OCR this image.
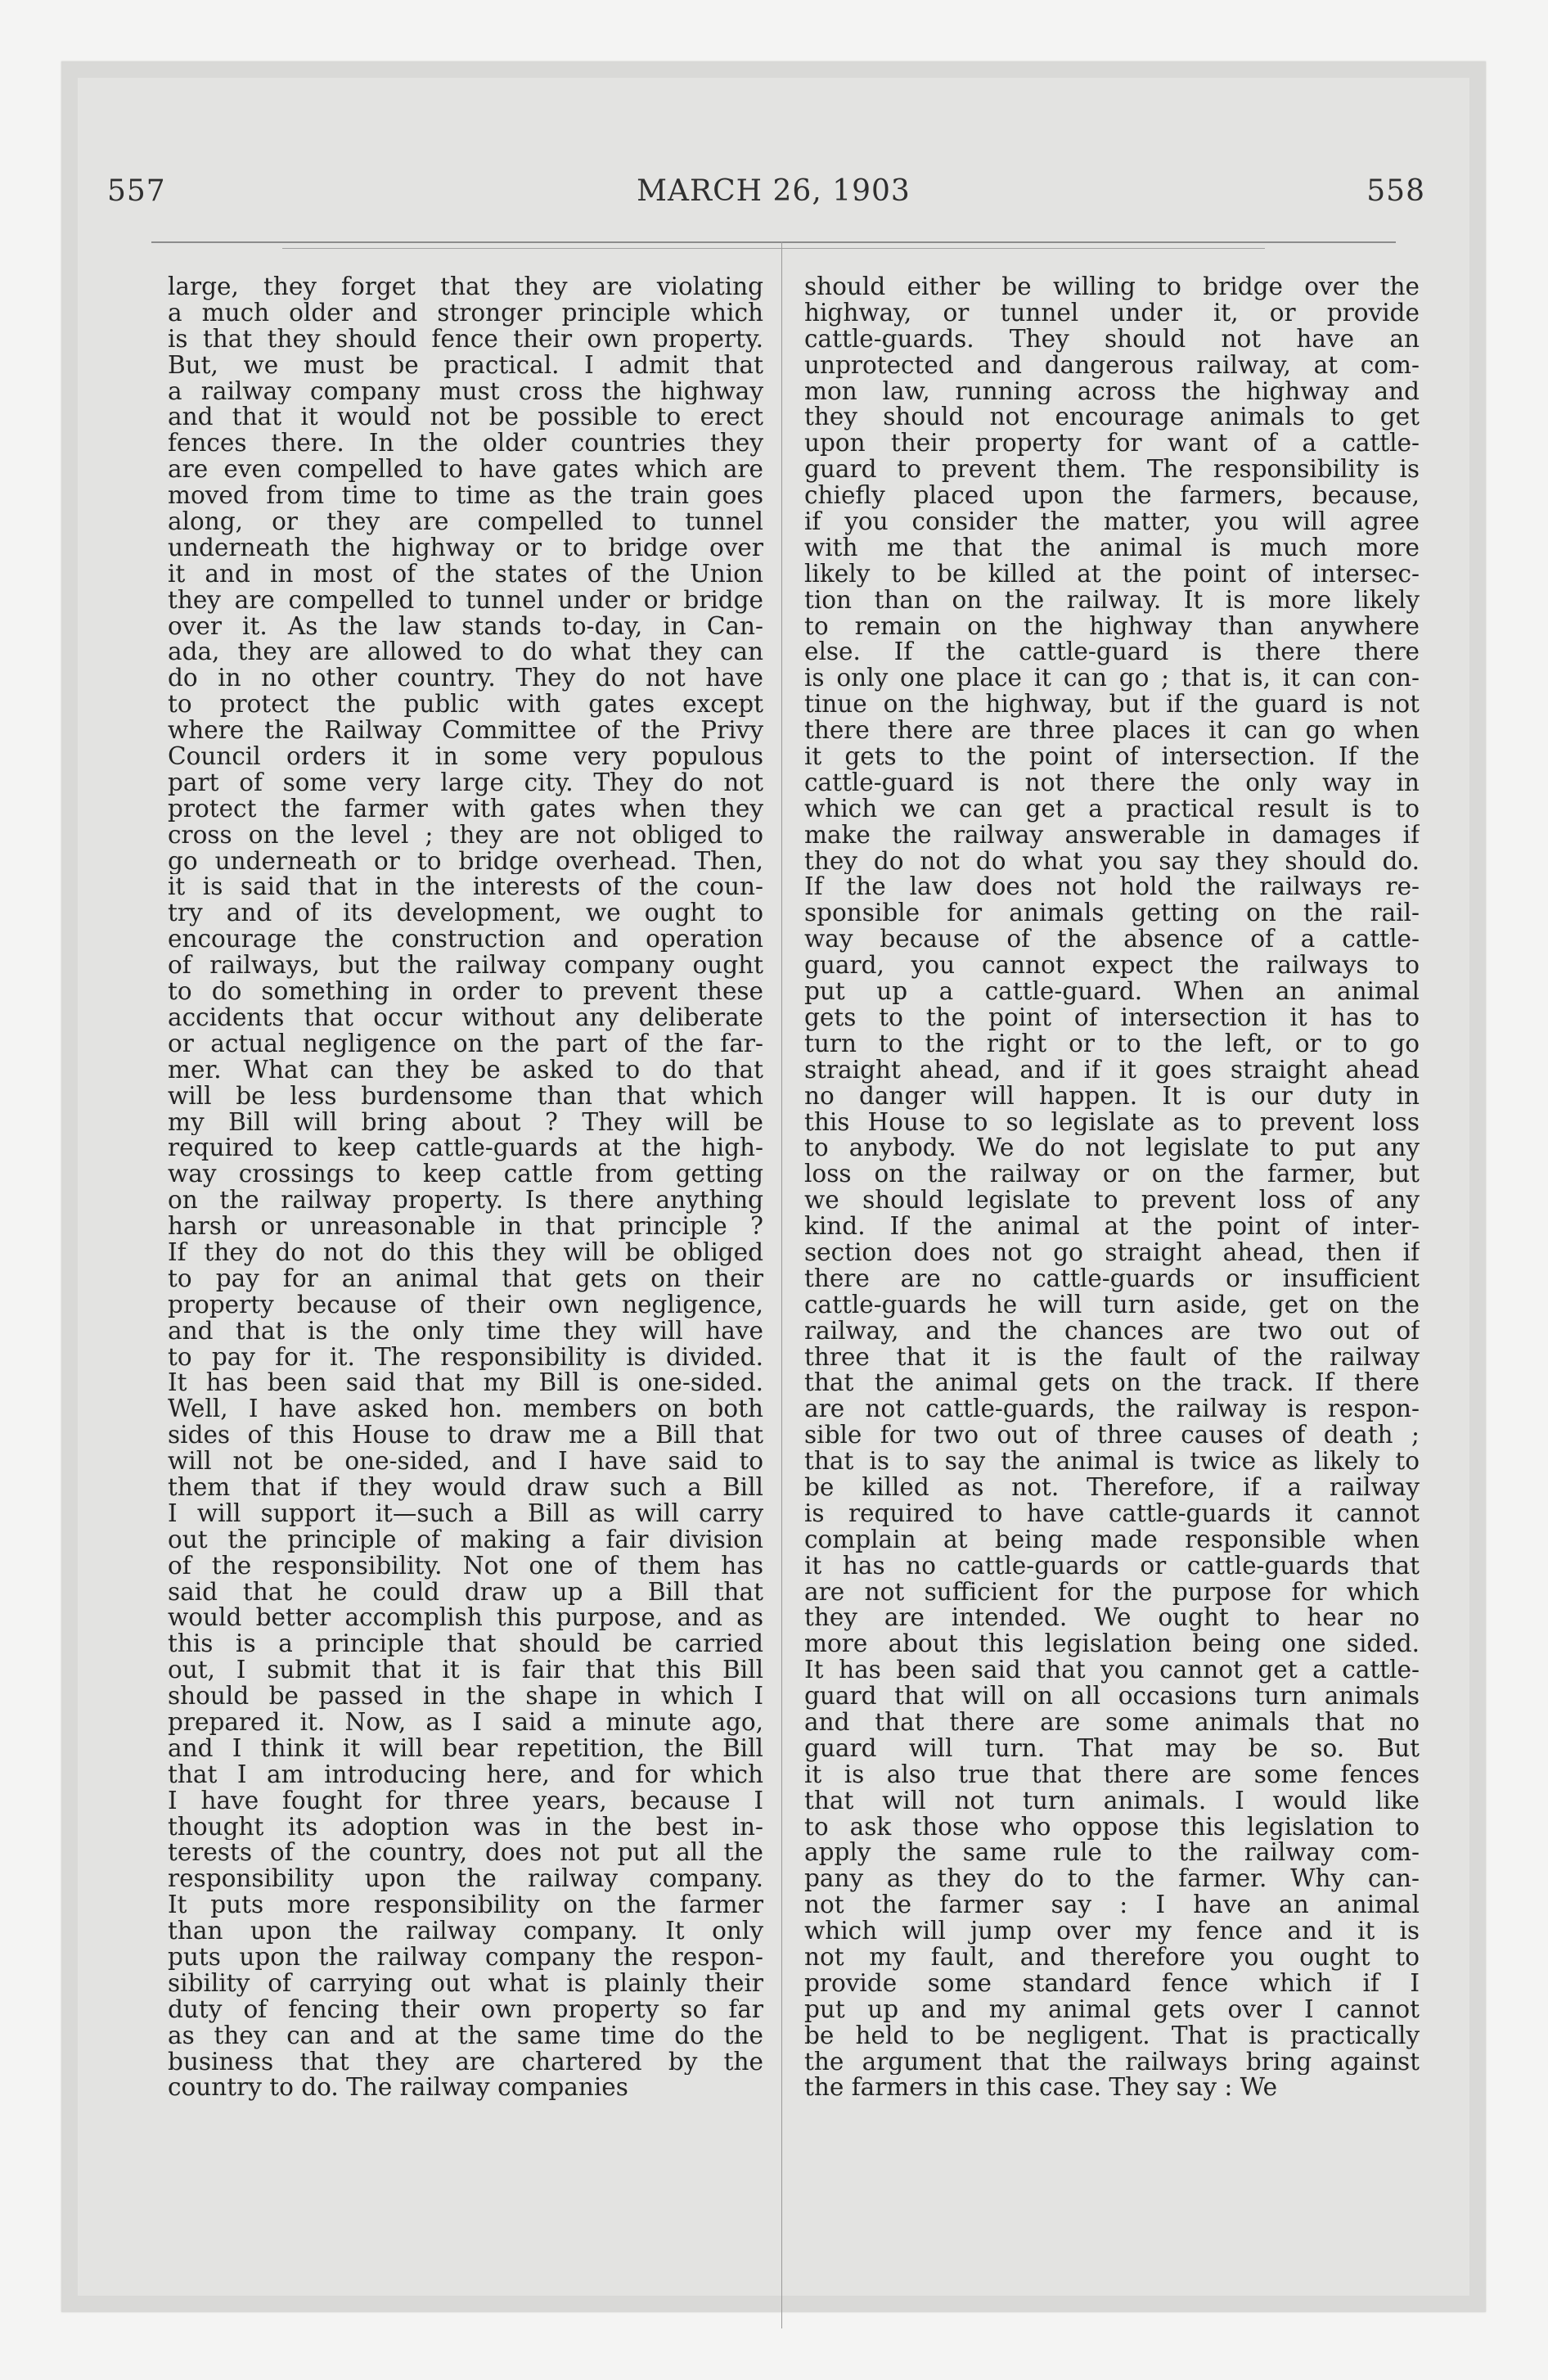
557	MARCH 26, 1903	558
large, they forget that they are violating
a much older and stronger principle which
is that they should fence their own property.
But, we must be practical. I admit that
a railway company must cross the highway
and that it would not be possible to erect
fences there. In the older countries they
are even compelled to have gates which are
moved from time to time as the train goes
along, or they are compelled to tunnel
underneath the highway or to bridge over
it and in most of the states of the Union
they are compelled to tunnel under or bridge
over it. As the law stands to-day, in Can-
ada, they are allowed to do what they can
do in no other country. They do not have
to protect the public with gates except
where the Railway Committee of the Privy
Council orders it in some very populous
part of some very large city. They do not
protect the farmer with gates when they
cross on the level ; they are not obliged to
go underneath or to bridge overhead. Then,
it is said that in the interests of the coun-
try and of its development, we ought to
encourage the construction and operation
of railways, but the railway company ought
to do something in order to prevent these
accidents that occur without any deliberate
or actual negligence on the part of the far-
mer. What can they be asked to do that
will be less burdensome than that which
my Bill will bring about ? They will be
required to keep cattle-guards at the high-
way crossings to keep cattle from getting
on the railway property. Is there anything
harsh or unreasonable in that principle ?
If they do not do this they will be obliged
to pay for an animal that gets on their
property because of their own negligence,
and that is the only time they will have
to pay for it. The responsibility is divided.
It has been said that my Bill is one-sided.
Well, I have asked hon. members on both
sides of this House to draw me a Bill that
will not be one-sided, and I have said to
them that if they would draw such a Bill
I will support it—such a Bill as will carry
out the principle of making a fair division
of the responsibility. Not one of them has
said that he could draw up a Bill that
would better accomplish this purpose, and as
this is a principle that should be carried
out, I submit that it is fair that this Bill
should be passed in the shape in which I
prepared it. Now, as I said a minute ago,
and I think it will bear repetition, the Bill
that I am introducing here, and for which
I have fought for three years, because I
thought its adoption was in the best in-
terests of the country, does not put all the
responsibility upon the railway company.
It puts more responsibility on the farmer
than upon the railway company. It only
puts upon the railway company the respon-
sibility of carrying out what is plainly their
duty of fencing their own property so far
as they can and at the same time do the
business that they are chartered by the
country to do. The railway companies
should either be willing to bridge over the
highway, or tunnel under it, or provide
cattle-guards. They should not have an
unprotected and dangerous railway, at com-
mon law, running across the highway and
they should not encourage animals to get
upon their property for want of a cattle-
guard to prevent them. The responsibility is
chiefly placed upon the farmers, because,
if you consider the matter, you will agree
with me that the animal is much more
likely to be killed at the point of intersec-
tion than on the railway. It is more likely
to remain on the highway than anywhere
else. If the cattle-guard is there there
is only one place it can go ; that is, it can con-
tinue on the highway, but if the guard is not
there there are three places it can go when
it gets to the point of intersection. If the
cattle-guard is not there the only way in
which we can get a practical result is to
make the railway answerable in damages if
they do not do what you say they should do.
If the law does not hold the railways re-
sponsible for animals getting on the rail-
way because of the absence of a cattle-
guard, you cannot expect the railways to
put up a cattle-guard. When an animal
gets to the point of intersection it has to
turn to the right or to the left, or to go
straight ahead, and if it goes straight ahead
no danger will happen. It is our duty in
this House to so legislate as to prevent loss
to anybody. We do not legislate to put any
loss on the railway or on the farmer, but
we should legislate to prevent loss of any
kind. If the animal at the point of inter-
section does not go straight ahead, then if
there are no cattle-guards or insufficient
cattle-guards he will turn aside, get on the
railway, and the chances are two out of
three that it is the fault of the railway
that the animal gets on the track. If there
are not cattle-guards, the railway is respon-
sible for two out of three causes of death ;
that is to say the animal is twice as likely to
be killed as not. Therefore, if a railway
is required to have cattle-guards it cannot
complain at being made responsible when
it has no cattle-guards or cattle-guards that
are not sufficient for the purpose for which
they are intended. We ought to hear no
more about this legislation being one sided.
It has been said that you cannot get a cattle-
guard that will on all occasions turn animals
and that there are some animals that no
guard will turn. That may be so. But
it is also true that there are some fences
that will not turn animals. I would like
to ask those who oppose this legislation to
apply the same rule to the railway com-
pany as they do to the farmer. Why can-
not the farmer say : I have an animal
which will jump over my fence and it is
not my fault, and therefore you ought to
provide some standard fence which if I
put up and my animal gets over I cannot
be held to be negligent. That is practically
the argument that the railways bring against
the farmers in this case. They say : We
